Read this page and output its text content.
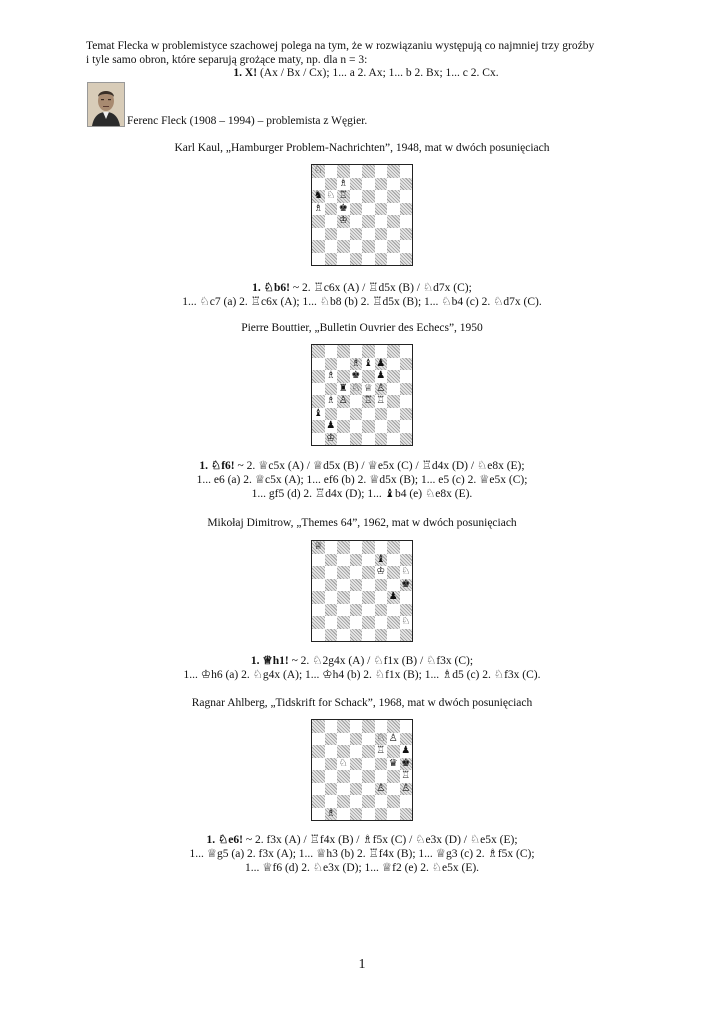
Temat Flecka w problemistyce szachowej polega na tym, że w rozwiązaniu występują co najmniej trzy groźby
i tyle samo obron, które separują grożące maty, np. dla n = 3:
1. X! (Ax / Bx / Cx); 1... a 2. Ax; 1... b 2. Bx; 1... c 2. Cx.
Ferenc Fleck (1908 – 1994) – problemista z Węgier.
Karl Kaul, „Hamburger Problem-Nachrichten”, 1948, mat w dwóch posunięciach
♘
♗
♞ ♘ ♖
♗ ♚
♔
1. ♘b6! ~ 2. ♖c6x (A) / ♖d5x (B) / ♘d7x (C);
1... ♘c7 (a) 2. ♖c6x (A); 1... ♘b8 (b) 2. ♖d5x (B); 1... ♘b4 (c) 2. ♘d7x (C).
Pierre Bouttier, „Bulletin Ouvrier des Echecs”, 1950
♗ ♝ ♟
♗ ♚ ♟
♜ ♘ ♕ ♙
♗ ♙ ♖ ♖
♝
♟
♔
1. ♘f6! ~ 2. ♕c5x (A) / ♕d5x (B) / ♕e5x (C) / ♖d4x (D) / ♘e8x (E);
1... e6 (a) 2. ♕c5x (A); 1... ef6 (b) 2. ♕d5x (B); 1... e5 (c) 2. ♕e5x (C);
1... gf5 (d) 2. ♖d4x (D); 1... ♝b4 (e) ♘e8x (E).
Mikołaj Dimitrow, „Themes 64”, 1962, mat w dwóch posunięciach
♕
♝
♔ ♘
♚
♟
♘
1. ♕h1! ~ 2. ♘2g4x (A) / ♘f1x (B) / ♘f3x (C);
1... ♔h6 (a) 2. ♘g4x (A); 1... ♔h4 (b) 2. ♘f1x (B); 1... ♗d5 (c) 2. ♘f3x (C).
Ragnar Ahlberg, „Tidskrift for Schack”, 1968, mat w dwóch posunięciach
♘ ♙
♖ ♟
♘	♛ ♚
♖
♙ ♙
♗
1. ♘e6! ~ 2. f3x (A) / ♖f4x (B) / ♗f5x (C) / ♘e3x (D) / ♘e5x (E);
1... ♕g5 (a) 2. f3x (A); 1... ♕h3 (b) 2. ♖f4x (B); 1... ♕g3 (c) 2. ♗f5x (C);
1... ♕f6 (d) 2. ♘e3x (D); 1... ♕f2 (e) 2. ♘e5x (E).
1
